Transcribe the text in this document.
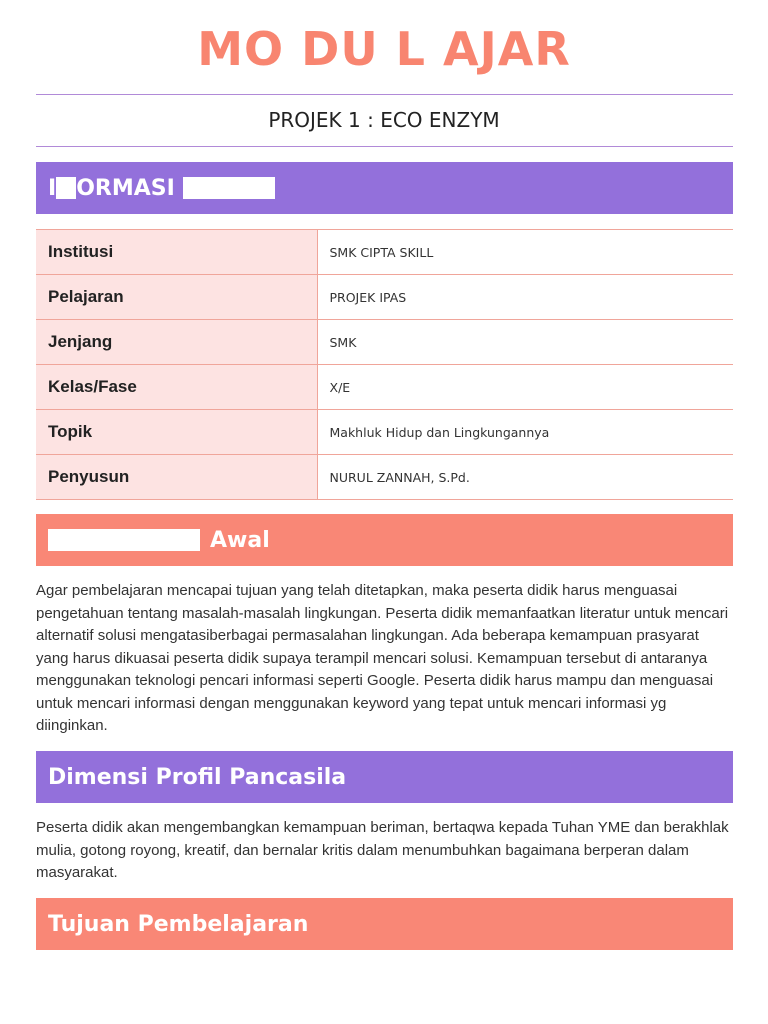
MO DU L AJAR
PROJEK 1 : ECO ENZYM
I ORMASI
Institusi	SMK CIPTA SKILL
Pelajaran	PROJEK IPAS
Jenjang	SMK
Kelas/Fase	X/E
Topik	Makhluk Hidup dan Lingkungannya
Penyusun	NURUL ZANNAH, S.Pd.
Awal

Agar pembelajaran mencapai tujuan yang telah ditetapkan, maka peserta didik harus menguasai pengetahuan tentang masalah-masalah lingkungan. Peserta didik memanfaatkan literatur untuk mencari alternatif solusi mengatasiberbagai permasalahan lingkungan. Ada beberapa kemampuan prasyarat yang harus dikuasai peserta didik supaya terampil mencari solusi. Kemampuan tersebut di antaranya menggunakan teknologi pencari informasi seperti Google. Peserta didik harus mampu dan menguasai untuk mencari informasi dengan menggunakan keyword yang tepat untuk mencari informasi yg diinginkan.

Dimensi Profil Pancasila

Peserta didik akan mengembangkan kemampuan beriman, bertaqwa kepada Tuhan YME dan berakhlak mulia, gotong royong, kreatif, dan bernalar kritis dalam menumbuhkan bagaimana berperan dalam masyarakat.

Tujuan Pembelajaran
